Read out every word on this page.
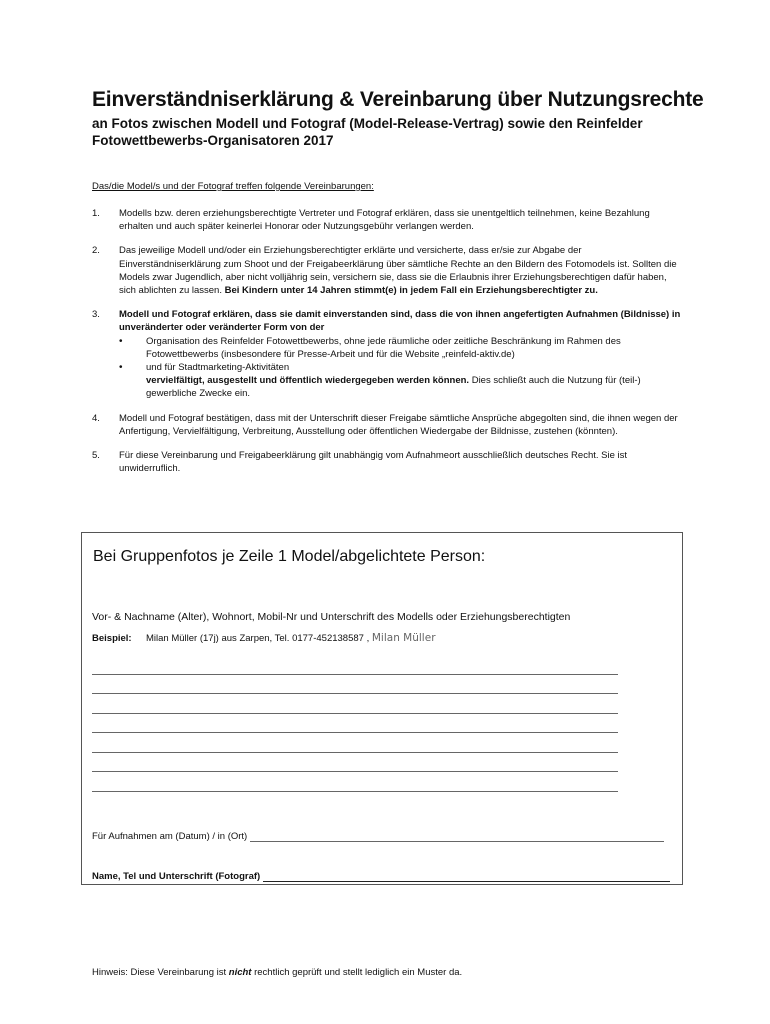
Einverständniserklärung & Vereinbarung über Nutzungsrechte
an Fotos zwischen Modell und Fotograf (Model-Release-Vertrag) sowie den Reinfelder Fotowettbewerbs-Organisatoren 2017
Das/die Model/s und der Fotograf treffen folgende Vereinbarungen:
1. Modells bzw. deren erziehungsberechtigte Vertreter und Fotograf erklären, dass sie unentgeltlich teilnehmen, keine Bezahlung erhalten und auch später keinerlei Honorar oder Nutzungsgebühr verlangen werden.
2. Das jeweilige Modell und/oder ein Erziehungsberechtigter erklärte und versicherte, dass er/sie zur Abgabe der Einverständniserklärung zum Shoot und der Freigabeerklärung über sämtliche Rechte an den Bildern des Fotomodels ist. Sollten die Models zwar Jugendlich, aber nicht volljährig sein, versichern sie, dass sie die Erlaubnis ihrer Erziehungsberechtigen dafür haben, sich ablichten zu lassen. Bei Kindern unter 14 Jahren stimmt(e) in jedem Fall ein Erziehungsberechtigter zu.
3. Modell und Fotograf erklären, dass sie damit einverstanden sind, dass die von ihnen angefertigten Aufnahmen (Bildnisse) in unveränderter oder veränderter Form von der
• Organisation des Reinfelder Fotowettbewerbs, ohne jede räumliche oder zeitliche Beschränkung im Rahmen des Fotowettbewerbs (insbesondere für Presse-Arbeit und für die Website „reinfeld-aktiv.de)
• und für Stadtmarketing-Aktivitäten
vervielfältigt, ausgestellt und öffentlich wiedergegeben werden können. Dies schließt auch die Nutzung für (teil-) gewerbliche Zwecke ein.
4. Modell und Fotograf bestätigen, dass mit der Unterschrift dieser Freigabe sämtliche Ansprüche abgegolten sind, die ihnen wegen der Anfertigung, Vervielfältigung, Verbreitung, Ausstellung oder öffentlichen Wiedergabe der Bildnisse, zustehen (könnten).
5. Für diese Vereinbarung und Freigabeerklärung gilt unabhängig vom Aufnahmeort ausschließlich deutsches Recht. Sie ist unwiderruflich.
Bei Gruppenfotos je Zeile 1 Model/abgelichtete Person:
Vor- & Nachname (Alter), Wohnort, Mobil-Nr und Unterschrift des Modells oder Erziehungsberechtigten
Beispiel: Milan Müller (17j) aus Zarpen, Tel. 0177-452138587 , Milan Müller
Für Aufnahmen am (Datum) / in (Ort)
Name, Tel und Unterschrift (Fotograf)
Hinweis: Diese Vereinbarung ist nicht rechtlich geprüft und stellt lediglich ein Muster da.
